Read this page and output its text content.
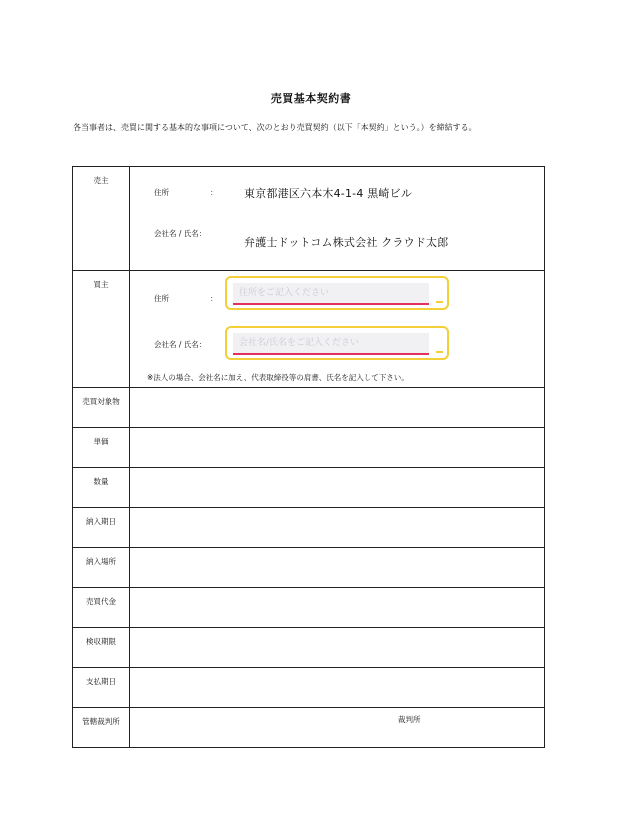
売買基本契約書
各当事者は、売買に関する基本的な事項について、次のとおり売買契約（以下「本契約」という。）を締結する。
売主	住所 ： 東京都港区六本木4-1-4 黒崎ビル
会社名 / 氏名：
弁護士ドットコム株式会社 クラウド太郎

買主	住所 ：
住所をご記入ください
会社名 / 氏名：
会社名/氏名をご記入ください
※法人の場合、会社名に加え、代表取締役等の肩書、氏名を記入して下さい。

売買対象物	
単価	
数量	
納入期日	
納入場所	
売買代金	
検収期限	
支払期日	
管轄裁判所	裁判所
